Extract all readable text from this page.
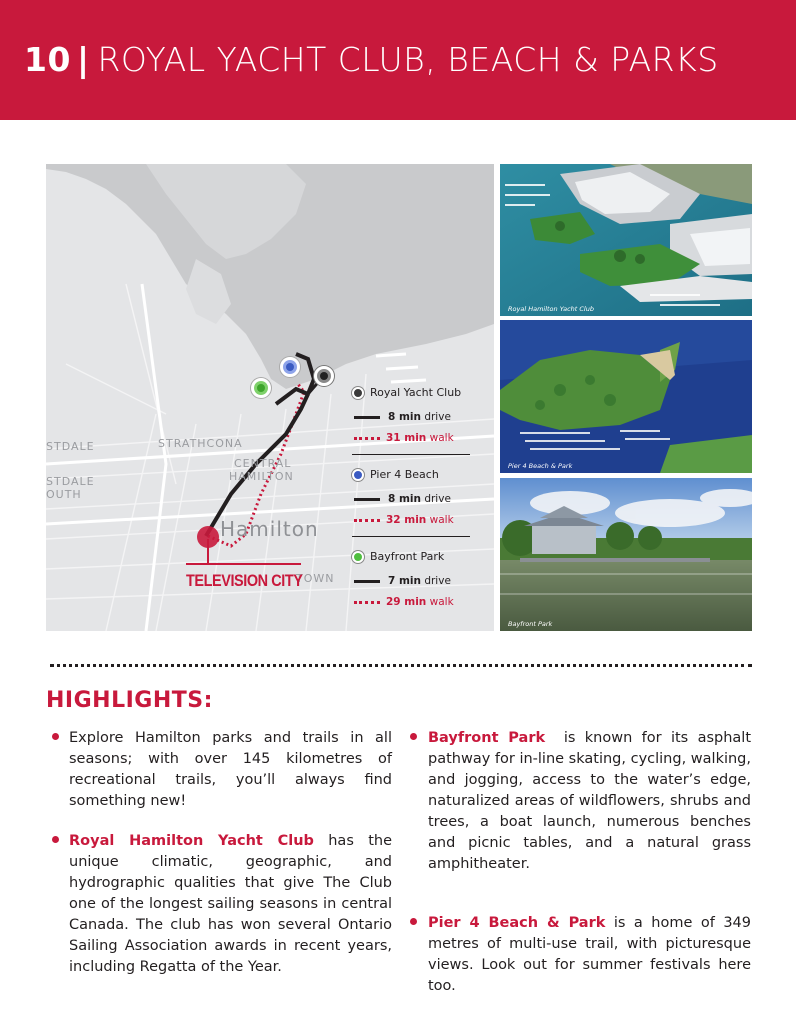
10 | ROYAL YACHT CLUB, BEACH & PARKS
STDALE
STDALE
OUTH
STRATHCONA
CENTRAL
HAMILTON
Hamilton
TOWN
TELEVISION CITY
Royal Yacht Club
8 min drive
31 min walk
Pier 4 Beach
8 min drive
32 min walk
Bayfront Park
7 min drive
29 min walk
Royal Hamilton Yacht Club
Pier 4 Beach & Park
Bayfront Park
HIGHLIGHTS:
Explore Hamilton parks and trails in all seasons; with over 145 kilometres of recreational trails, you’ll always find something new!
Royal Hamilton Yacht Club has the unique climatic, geographic, and hydrographic qualities that give The Club one of the longest sailing seasons in central Canada. The club has won several Ontario Sailing Association awards in recent years, including Regatta of the Year.
Bayfront Park  is known for its asphalt pathway for in-line skating, cycling, walking, and jogging, access to the water’s edge, naturalized areas of wildflowers, shrubs and trees, a boat launch, numerous benches and picnic tables, and a natural grass amphitheater.
Pier 4 Beach & Park is a home of 349 metres of multi-use trail, with picturesque views. Look out for summer festivals here too.
